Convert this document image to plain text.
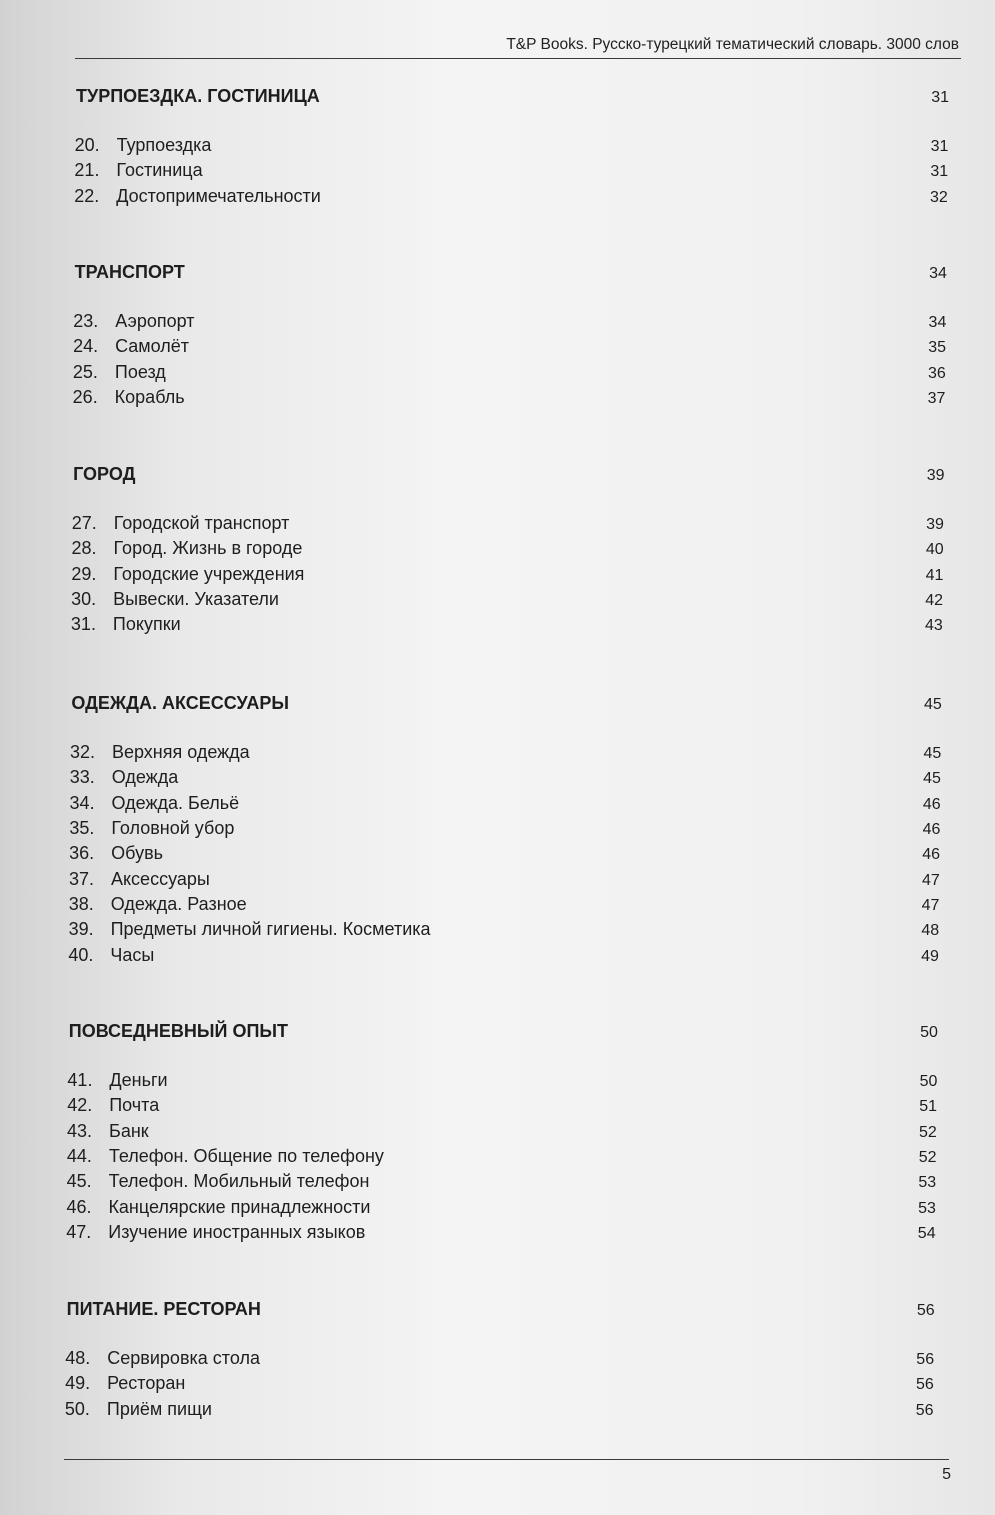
T&P Books. Русско-турецкий тематический словарь. 3000 слов
ТУРПОЕЗДКА. ГОСТИНИЦА	31
20. Турпоездка	31
21. Гостиница	31
22. Достопримечательности	32
ТРАНСПОРТ	34
23. Аэропорт	34
24. Самолёт	35
25. Поезд	36
26. Корабль	37
ГОРОД	39
27. Городской транспорт	39
28. Город. Жизнь в городе	40
29. Городские учреждения	41
30. Вывески. Указатели	42
31. Покупки	43
ОДЕЖДА. АКСЕССУАРЫ	45
32. Верхняя одежда	45
33. Одежда	45
34. Одежда. Бельё	46
35. Головной убор	46
36. Обувь	46
37. Аксессуары	47
38. Одежда. Разное	47
39. Предметы личной гигиены. Косметика	48
40. Часы	49
ПОВСЕДНЕВНЫЙ ОПЫТ	50
41. Деньги	50
42. Почта	51
43. Банк	52
44. Телефон. Общение по телефону	52
45. Телефон. Мобильный телефон	53
46. Канцелярские принадлежности	53
47. Изучение иностранных языков	54
ПИТАНИЕ. РЕСТОРАН	56
48. Сервировка стола	56
49. Ресторан	56
50. Приём пищи	56
5
